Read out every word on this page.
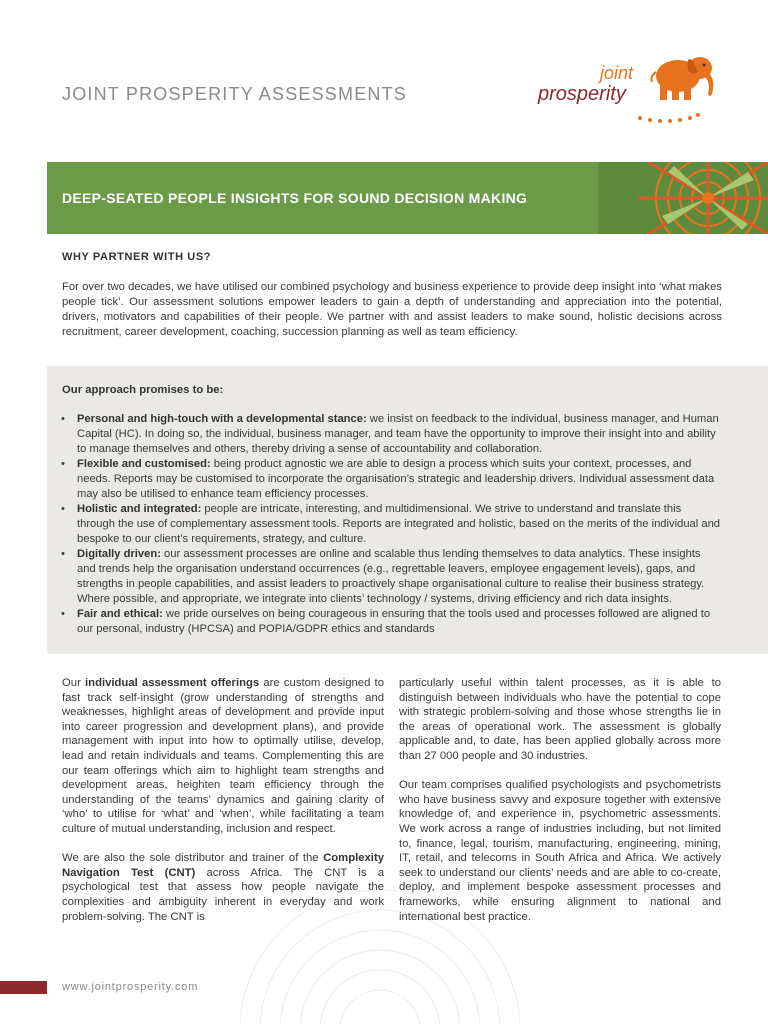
JOINT PROSPERITY ASSESSMENTS
joint
prosperity
DEEP-SEATED PEOPLE INSIGHTS FOR SOUND DECISION MAKING
WHY PARTNER WITH US?

For over two decades, we have utilised our combined psychology and business experience to provide deep insight into ‘what makes people tick’. Our assessment solutions empower leaders to gain a depth of understanding and appreciation into the potential, drivers, motivators and capabilities of their people. We partner with and assist leaders to make sound, holistic decisions across recruitment, career development, coaching, succession planning as well as team efficiency.

Our approach promises to be:
• Personal and high-touch with a developmental stance: we insist on feedback to the individual, business manager, and Human Capital (HC). In doing so, the individual, business manager, and team have the opportunity to improve their insight into and ability to manage themselves and others, thereby driving a sense of accountability and collaboration.
• Flexible and customised: being product agnostic we are able to design a process which suits your context, processes, and needs. Reports may be customised to incorporate the organisation’s strategic and leadership drivers. Individual assessment data may also be utilised to enhance team efficiency processes.
• Holistic and integrated: people are intricate, interesting, and multidimensional. We strive to understand and translate this through the use of complementary assessment tools. Reports are integrated and holistic, based on the merits of the individual and bespoke to our client’s requirements, strategy, and culture.
• Digitally driven: our assessment processes are online and scalable thus lending themselves to data analytics. These insights and trends help the organisation understand occurrences (e.g., regrettable leavers, employee engagement levels), gaps, and strengths in people capabilities, and assist leaders to proactively shape organisational culture to realise their business strategy. Where possible, and appropriate, we integrate into clients’ technology / systems, driving efficiency and rich data insights.
• Fair and ethical: we pride ourselves on being courageous in ensuring that the tools used and processes followed are aligned to our personal, industry (HPCSA) and POPIA/GDPR ethics and standards

Our individual assessment offerings are custom designed to fast track self-insight (grow understanding of strengths and weaknesses, highlight areas of development and provide input into career progression and development plans), and provide management with input into how to optimally utilise, develop, lead and retain individuals and teams. Complementing this are our team offerings which aim to highlight team strengths and development areas, heighten team efficiency through the understanding of the teams’ dynamics and gaining clarity of ‘who’ to utilise for ‘what’ and ‘when’, while facilitating a team culture of mutual understanding, inclusion and respect.

We are also the sole distributor and trainer of the Complexity Navigation Test (CNT) across Africa. The CNT is a psychological test that assess how people navigate the complexities and ambiguity inherent in everyday and work problem-solving. The CNT is

particularly useful within talent processes, as it is able to distinguish between individuals who have the potential to cope with strategic problem-solving and those whose strengths lie in the areas of operational work. The assessment is globally applicable and, to date, has been applied globally across more than 27 000 people and 30 industries.

Our team comprises qualified psychologists and psychometrists who have business savvy and exposure together with extensive knowledge of, and experience in, psychometric assessments. We work across a range of industries including, but not limited to, finance, legal, tourism, manufacturing, engineering, mining, IT, retail, and telecoms in South Africa and Africa. We actively seek to understand our clients’ needs and are able to co-create, deploy, and implement bespoke assessment processes and frameworks, while ensuring alignment to national and international best practice.

www.jointprosperity.com
